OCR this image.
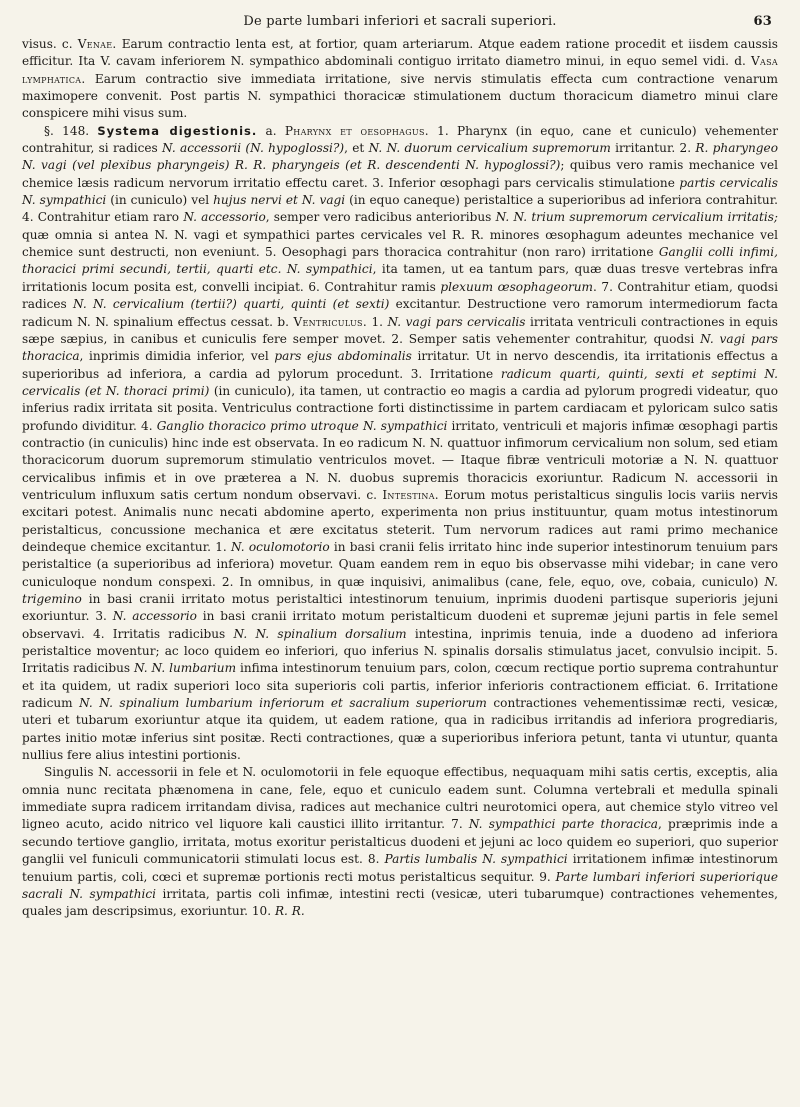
De parte lumbari inferiori et sacrali superiori.	63

visus. c. Venae. Earum contractio lenta est, at fortior, quam arteriarum. Atque eadem ratione procedit et iisdem caussis efficitur. Ita V. cavam inferiorem N. sympathico abdominali contiguo irritato diametro minui, in equo semel vidi. d. Vasa lymphatica. Earum contractio sive immediata irritatione, sive nervis stimulatis effecta cum contractione venarum maximopere convenit. Post partis N. sympathici thoracicæ stimulationem ductum thoracicum diametro minui clare conspicere mihi visus sum.

§. 148. Systema digestionis. a. Pharynx et oesophagus. 1. Pharynx (in equo, cane et cuniculo) vehementer contrahitur, si radices N. accessorii (N. hypoglossi?), et N. N. duorum cervicalium supremorum irritantur. 2. R. pharyngeo N. vagi (vel plexibus pharyngeis) R. R. pharyngeis (et R. descendenti N. hypoglossi?); quibus vero ramis mechanice vel chemice læsis radicum nervorum irritatio effectu caret. 3. Inferior œsophagi pars cervicalis stimulatione partis cervicalis N. sympathici (in cuniculo) vel hujus nervi et N. vagi (in equo caneque) peristaltice a superioribus ad inferiora contrahitur. 4. Contrahitur etiam raro N. accessorio, semper vero radicibus anterioribus N. N. trium supremorum cervicalium irritatis; quæ omnia si antea N. N. vagi et sympathici partes cervicales vel R. R. minores œsophagum adeuntes mechanice vel chemice sunt destructi, non eveniunt. 5. Oesophagi pars thoracica contrahitur (non raro) irritatione Ganglii colli infimi, thoracici primi secundi, tertii, quarti etc. N. sympathici, ita tamen, ut ea tantum pars, quæ duas tresve vertebras infra irritationis locum posita est, convelli incipiat. 6. Contrahitur ramis plexuum œsophageorum. 7. Contrahitur etiam, quodsi radices N. N. cervicalium (tertii?) quarti, quinti (et sexti) excitantur. Destructione vero ramorum intermediorum facta radicum N. N. spinalium effectus cessat. b. Ventriculus. 1. N. vagi pars cervicalis irritata ventriculi contractiones in equis sæpe sæpius, in canibus et cuniculis fere semper movet. 2. Semper satis vehementer contrahitur, quodsi N. vagi pars thoracica, inprimis dimidia inferior, vel pars ejus abdominalis irritatur. Ut in nervo descendis, ita irritationis effectus a superioribus ad inferiora, a cardia ad pylorum procedunt. 3. Irritatione radicum quarti, quinti, sexti et septimi N. cervicalis (et N. thoraci primi) (in cuniculo), ita tamen, ut contractio eo magis a cardia ad pylorum progredi videatur, quo inferius radix irritata sit posita. Ventriculus contractione forti distinctissime in partem cardiacam et pyloricam sulco satis profundo dividitur. 4. Ganglio thoracico primo utroque N. sympathici irritato, ventriculi et majoris infimæ œsophagi partis contractio (in cuniculis) hinc inde est observata. In eo radicum N. N. quattuor infimorum cervicalium non solum, sed etiam thoracicorum duorum supremorum stimulatio ventriculos movet. — Itaque fibræ ventriculi motoriæ a N. N. quattuor cervicalibus infimis et in ove præterea a N. N. duobus supremis thoracicis exoriuntur. Radicum N. accessorii in ventriculum influxum satis certum nondum observavi. c. Intestina. Eorum motus peristalticus singulis locis variis nervis excitari potest. Animalis nunc necati abdomine aperto, experimenta non prius instituuntur, quam motus intestinorum peristalticus, concussione mechanica et ære excitatus steterit. Tum nervorum radices aut rami primo mechanice deindeque chemice excitantur. 1. N. oculomotorio in basi cranii felis irritato hinc inde superior intestinorum tenuium pars peristaltice (a superioribus ad inferiora) movetur. Quam eandem rem in equo bis observasse mihi videbar; in cane vero cuniculoque nondum conspexi. 2. In omnibus, in quæ inquisivi, animalibus (cane, fele, equo, ove, cobaia, cuniculo) N. trigemino in basi cranii irritato motus peristaltici intestinorum tenuium, inprimis duodeni partisque superioris jejuni exoriuntur. 3. N. accessorio in basi cranii irritato motum peristalticum duodeni et supremæ jejuni partis in fele semel observavi. 4. Irritatis radicibus N. N. spinalium dorsalium intestina, inprimis tenuia, inde a duodeno ad inferiora peristaltice moventur; ac loco quidem eo inferiori, quo inferius N. spinalis dorsalis stimulatus jacet, convulsio incipit. 5. Irritatis radicibus N. N. lumbarium infima intestinorum tenuium pars, colon, cœcum rectique portio suprema contrahuntur et ita quidem, ut radix superiori loco sita superioris coli partis, inferior inferioris contractionem efficiat. 6. Irritatione radicum N. N. spinalium lumbarium inferiorum et sacralium superiorum contractiones vehementissimæ recti, vesicæ, uteri et tubarum exoriuntur atque ita quidem, ut eadem ratione, qua in radicibus irritandis ad inferiora progrediaris, partes initio motæ inferius sint positæ. Recti contractiones, quæ a superioribus inferiora petunt, tanta vi utuntur, quanta nullius fere alius intestini portionis.

Singulis N. accessorii in fele et N. oculomotorii in fele equoque effectibus, nequaquam mihi satis certis, exceptis, alia omnia nunc recitata phænomena in cane, fele, equo et cuniculo eadem sunt. Columna vertebrali et medulla spinali immediate supra radicem irritandam divisa, radices aut mechanice cultri neurotomici opera, aut chemice stylo vitreo vel ligneo acuto, acido nitrico vel liquore kali caustici illito irritantur. 7. N. sympathici parte thoracica, præprimis inde a secundo tertiove ganglio, irritata, motus exoritur peristalticus duodeni et jejuni ac loco quidem eo superiori, quo superior ganglii vel funiculi communicatorii stimulati locus est. 8. Partis lumbalis N. sympathici irritationem infimæ intestinorum tenuium partis, coli, cœci et supremæ portionis recti motus peristalticus sequitur. 9. Parte lumbari inferiori superiorique sacrali N. sympathici irritata, partis coli infimæ, intestini recti (vesicæ, uteri tubarumque) contractiones vehementes, quales jam descripsimus, exoriuntur. 10. R. R.
